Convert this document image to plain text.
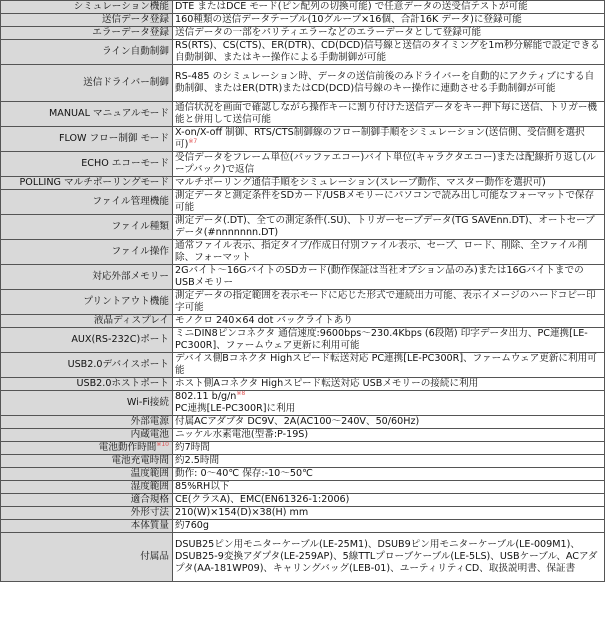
シミュレーション機能	DTE またはDCE モード(ピン配列の切換可能) で任意データの送受信テストが可能
送信データ登録	160種類の送信データテーブル(10グループ×16個、合計16K データ)に登録可能
エラーデータ登録	送信データの一部をパリティエラーなどのエラーデータとして登録可能
ライン自動制御	RS(RTS)、CS(CTS)、ER(DTR)、CD(DCD)信号線と送信のタイミングを1m秒分解能で設定できる自動制御、またはキー操作による手動制御が可能
送信ドライバー制御	RS-485 のシミュレーション時、データの送信前後のみドライバーを自動的にアクティブにする自動制御、またはER(DTR)またはCD(DCD)信号線のキー操作に連動させる手動制御が可能
MANUAL マニュアルモード	通信状況を画面で確認しながら操作キーに割り付けた送信データをキー押下毎に送信、トリガー機能と併用して送信可能
FLOW フロー制御 モード	X-on/X-off 制御、RTS/CTS制御線のフロー制御手順をシミュレーション(送信側、受信側を選択可)$^{※7}$
ECHO エコーモード	受信データをフレーム単位(パッファエコー)バイト単位(キャラクタエコー)または配線折り返し(ループバック)で返信
POLLING マルチポーリングモード	マルチポーリング通信手順をシミュレーション(スレーブ動作、マスター動作を選択可)
ファイル管理機能	測定データと測定条件をSDカード/USBメモリーにパソコンで読み出し可能なフォーマットで保存可能
ファイル種類	測定データ(.DT)、全ての測定条件(.SU)、トリガーセーブデータ(TG SAVEnn.DT)、オートセーブデータ(#nnnnnnn.DT)
ファイル操作	通常ファイル表示、指定タイプ/作成日付別ファイル表示、セーブ、ロード、削除、全ファイル削除、フォーマット
対応外部メモリー	2Gバイト～16GバイトのSDカード(動作保証は当社オプション品のみ)または16Gバイトまでの USBメモリー
プリントアウト機能	測定データの指定範囲を表示モードに応じた形式で連続出力可能、表示イメージのハードコピー印字可能
液晶ディスプレイ	モノクロ 240×64 dot バックライトあり
AUX(RS-232C)ポート	ミニDIN8ピンコネクタ 通信速度:9600bps～230.4Kbps (6段階) 印字データ出力、PC連携[LE-PC300R]、ファームウェア更新に利用可能
USB2.0デバイスポート	デバイス側Bコネクタ Highスピード転送対応 PC連携[LE-PC300R]、ファームウェア更新に利用可能
USB2.0ホストポート	ホスト側Aコネクタ Highスピード転送対応 USBメモリーの接続に利用
Wi-Fi接続	802.11 $b/g/n^{※8}$
PC連携[LE-PC300R]に利用
外部電源	付属ACアダプタ DC9V、2A(AC100～240V、50/60Hz)
内蔵電池	ニッケル水素電池(型番:P-19S)
電池動作時間$^{※10}$	約7時間
電池充電時間	約2.5時間
温度範囲	動作: 0～40℃ 保存:-10～50℃
湿度範囲	85%RH以下
適合規格	CE(クラスA)、EMC(EN61326-1:2006)
外形寸法	210(W)×154(D)×38(H) mm
本体質量	約760g
付属品	DSUB25ピン用モニターケーブル(LE-25M1)、DSUB9ピン用モニターケーブル(LE-009M1)、DSUB25-9変換アダプタ(LE-259AP)、5線TTLプローブケーブル(LE-5LS)、USBケーブル、ACアダプタ(AA-181WP09)、キャリングバッグ(LEB-01)、ユーティリティCD、取扱説明書、保証書
